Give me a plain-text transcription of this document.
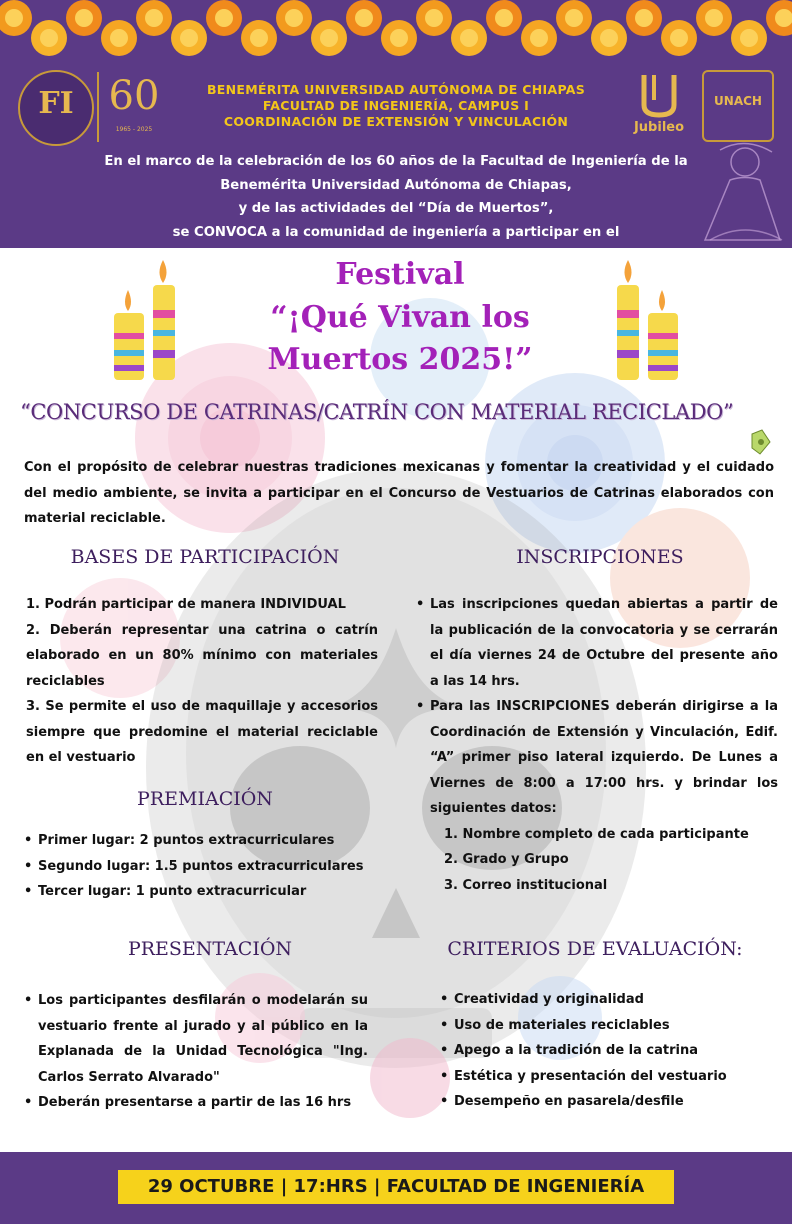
FI 60
1965 - 2025
BENEMÉRITA UNIVERSIDAD AUTÓNOMA DE CHIAPAS
FACULTAD DE INGENIERÍA, CAMPUS I
COORDINACIÓN DE EXTENSIÓN Y VINCULACIÓN	Jubileo
UNACH
En el marco de la celebración de los 60 años de la Facultad de Ingeniería de la
Benemérita Universidad Autónoma de Chiapas,
y de las actividades del “Día de Muertos”,
se CONVOCA a la comunidad de ingeniería a participar en el
Festival
“¡Qué Vivan los
Muertos 2025!”
“CONCURSO DE CATRINAS/CATRÍN CON MATERIAL RECICLADO”
Con el propósito de celebrar nuestras tradiciones mexicanas y fomentar la creatividad y el cuidado del medio ambiente, se invita a participar en el Concurso de Vestuarios de Catrinas elaborados con material reciclable.
BASES DE PARTICIPACIÓN
1. Podrán participar de manera INDIVIDUAL
2. Deberán representar una catrina o catrín elaborado en un 80% mínimo con materiales reciclables
3. Se permite el uso de maquillaje y accesorios siempre que predomine el material reciclable en el vestuario
INSCRIPCIONES
• Las inscripciones quedan abiertas a partir de la publicación de la convocatoria y se cerrarán el día viernes 24 de Octubre del presente año a las 14 hrs.
• Para las INSCRIPCIONES deberán dirigirse a la Coordinación de Extensión y Vinculación, Edif. “A” primer piso lateral izquierdo. De Lunes a Viernes de 8:00 a 17:00 hrs. y brindar los siguientes datos:
1. Nombre completo de cada participante
2. Grado y Grupo
3. Correo institucional
PREMIACIÓN
• Primer lugar: 2 puntos extracurriculares
• Segundo lugar: 1.5 puntos extracurriculares
• Tercer lugar: 1 punto extracurricular
PRESENTACIÓN
• Los participantes desfilarán o modelarán su vestuario frente al jurado y al público en la Explanada de la Unidad Tecnológica "Ing. Carlos Serrato Alvarado"
• Deberán presentarse a partir de las 16 hrs
CRITERIOS DE EVALUACIÓN:
• Creatividad y originalidad
• Uso de materiales reciclables
• Apego a la tradición de la catrina
• Estética y presentación del vestuario
• Desempeño en pasarela/desfile
29 OCTUBRE | 17:HRS | FACULTAD DE INGENIERÍA
